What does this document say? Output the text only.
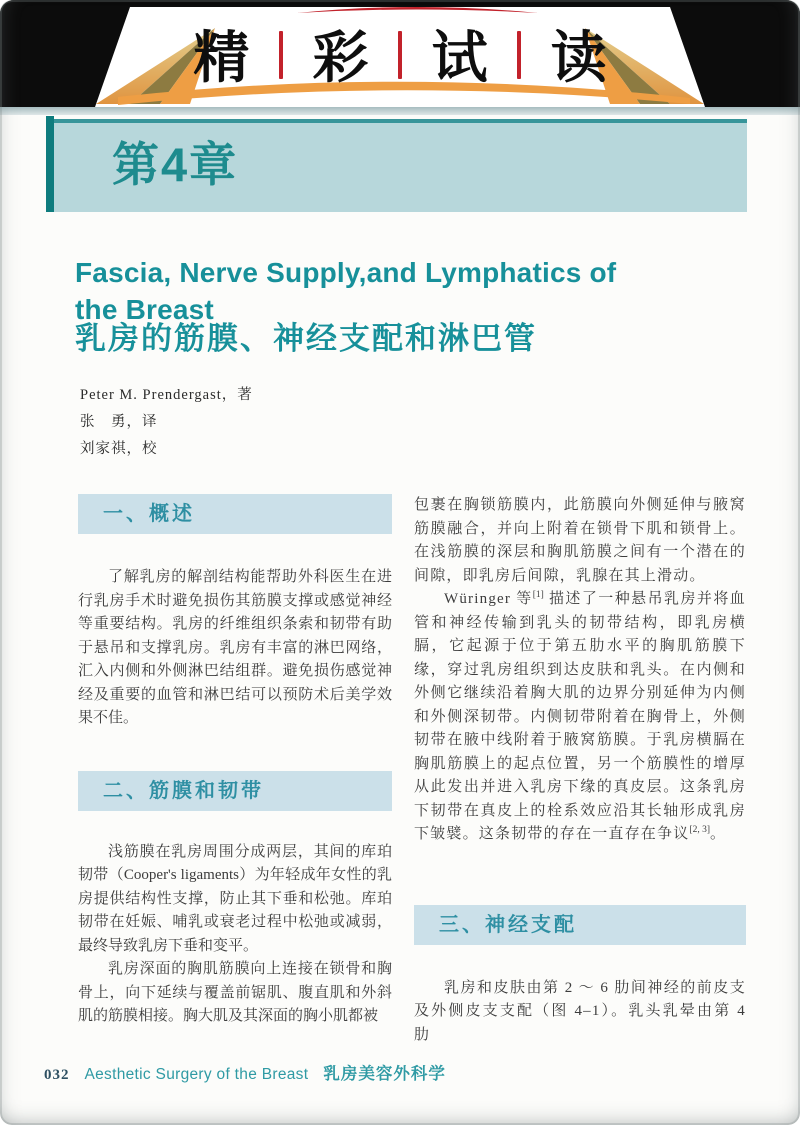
精 彩 试 读
第4章
Fascia, Nerve Supply,and Lymphatics of
the Breast
乳房的筋膜、神经支配和淋巴管

Peter M. Prendergast，著

张　勇，译

刘家祺，校

一、概述

了解乳房的解剖结构能帮助外科医生在进行乳房手术时避免损伤其筋膜支撑或感觉神经等重要结构。乳房的纤维组织条索和韧带有助于悬吊和支撑乳房。乳房有丰富的淋巴网络，汇入内侧和外侧淋巴结组群。避免损伤感觉神经及重要的血管和淋巴结可以预防术后美学效果不佳。

二、筋膜和韧带

浅筋膜在乳房周围分成两层，其间的库珀韧带（Cooper's ligaments）为年轻成年女性的乳房提供结构性支撑，防止其下垂和松弛。库珀韧带在妊娠、哺乳或衰老过程中松弛或减弱，最终导致乳房下垂和变平。

乳房深面的胸肌筋膜向上连接在锁骨和胸骨上，向下延续与覆盖前锯肌、腹直肌和外斜肌的筋膜相接。胸大肌及其深面的胸小肌都被

包裹在胸锁筋膜内，此筋膜向外侧延伸与腋窝筋膜融合，并向上附着在锁骨下肌和锁骨上。在浅筋膜的深层和胸肌筋膜之间有一个潜在的间隙，即乳房后间隙，乳腺在其上滑动。

Würinger 等[1] 描述了一种悬吊乳房并将血管和神经传输到乳头的韧带结构，即乳房横膈，它起源于位于第五肋水平的胸肌筋膜下缘，穿过乳房组织到达皮肤和乳头。在内侧和外侧它继续沿着胸大肌的边界分别延伸为内侧和外侧深韧带。内侧韧带附着在胸骨上，外侧韧带在腋中线附着于腋窝筋膜。于乳房横膈在胸肌筋膜上的起点位置，另一个筋膜性的增厚从此发出并进入乳房下缘的真皮层。这条乳房下韧带在真皮上的栓系效应沿其长轴形成乳房下皱襞。这条韧带的存在一直存在争议[2, 3]。

三、神经支配

乳房和皮肤由第 2 ～ 6 肋间神经的前皮支及外侧皮支支配（图 4–1）。乳头乳晕由第 4 肋

032 Aesthetic Surgery of the Breast 乳房美容外科学
